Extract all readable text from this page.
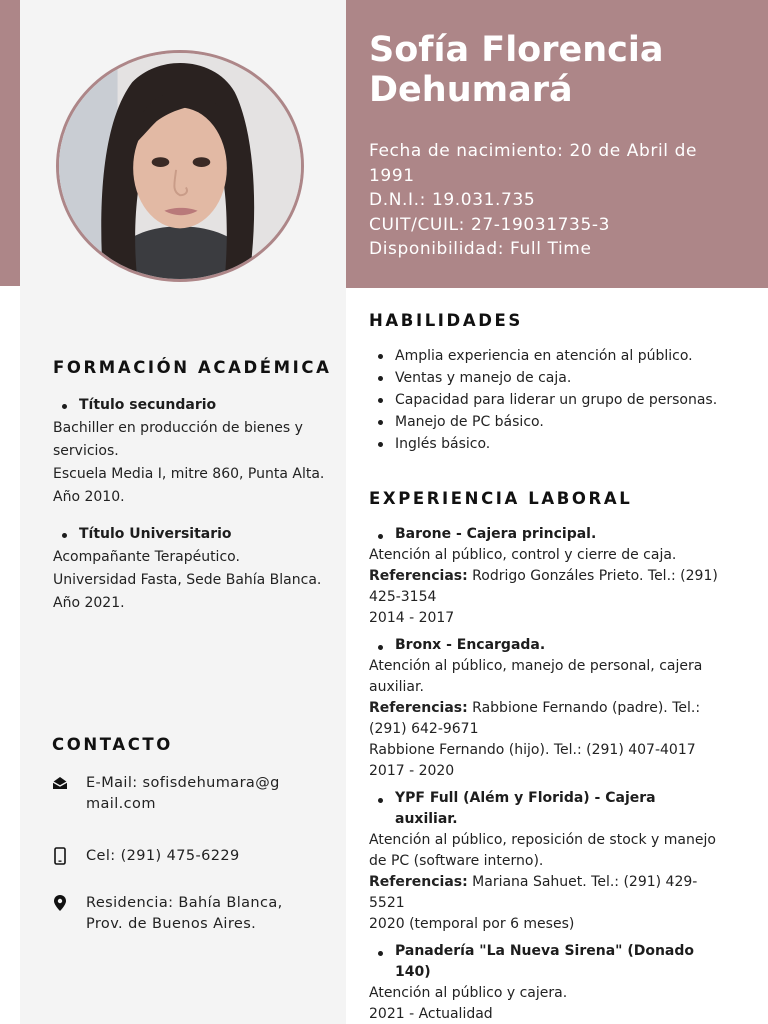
Sofía Florencia
Dehumará
Fecha de nacimiento: 20 de Abril de 1991
D.N.I.: 19.031.735
CUIT/CUIL: 27-19031735-3
Disponibilidad: Full Time
FORMACIÓN ACADÉMICA
Título secundario
Bachiller en producción de bienes y servicios.
Escuela Media I, mitre 860, Punta Alta.
Año 2010.
Título Universitario
Acompañante Terapéutico.
Universidad Fasta, Sede Bahía Blanca.
Año 2021.
CONTACTO
E-Mail: sofisdehumara@gmail.com
Cel: (291) 475-6229
Residencia: Bahía Blanca, Prov. de Buenos Aires.
HABILIDADES
Amplia experiencia en atención al público.
Ventas y manejo de caja.
Capacidad para liderar un grupo de personas.
Manejo de PC básico.
Inglés básico.
EXPERIENCIA LABORAL
Barone - Cajera principal.
Atención al público, control y cierre de caja.
Referencias: Rodrigo Gonzáles Prieto. Tel.: (291) 425-3154
2014 - 2017
Bronx - Encargada.
Atención al público, manejo de personal, cajera auxiliar.
Referencias: Rabbione Fernando (padre). Tel.: (291) 642-9671
Rabbione Fernando (hijo). Tel.: (291) 407-4017
2017 - 2020
YPF Full (Além y Florida) - Cajera auxiliar.
Atención al público, reposición de stock y manejo de PC (software interno).
Referencias: Mariana Sahuet. Tel.: (291) 429-5521
2020 (temporal por 6 meses)
Panadería "La Nueva Sirena" (Donado 140)
Atención al público y cajera.
2021 - Actualidad
